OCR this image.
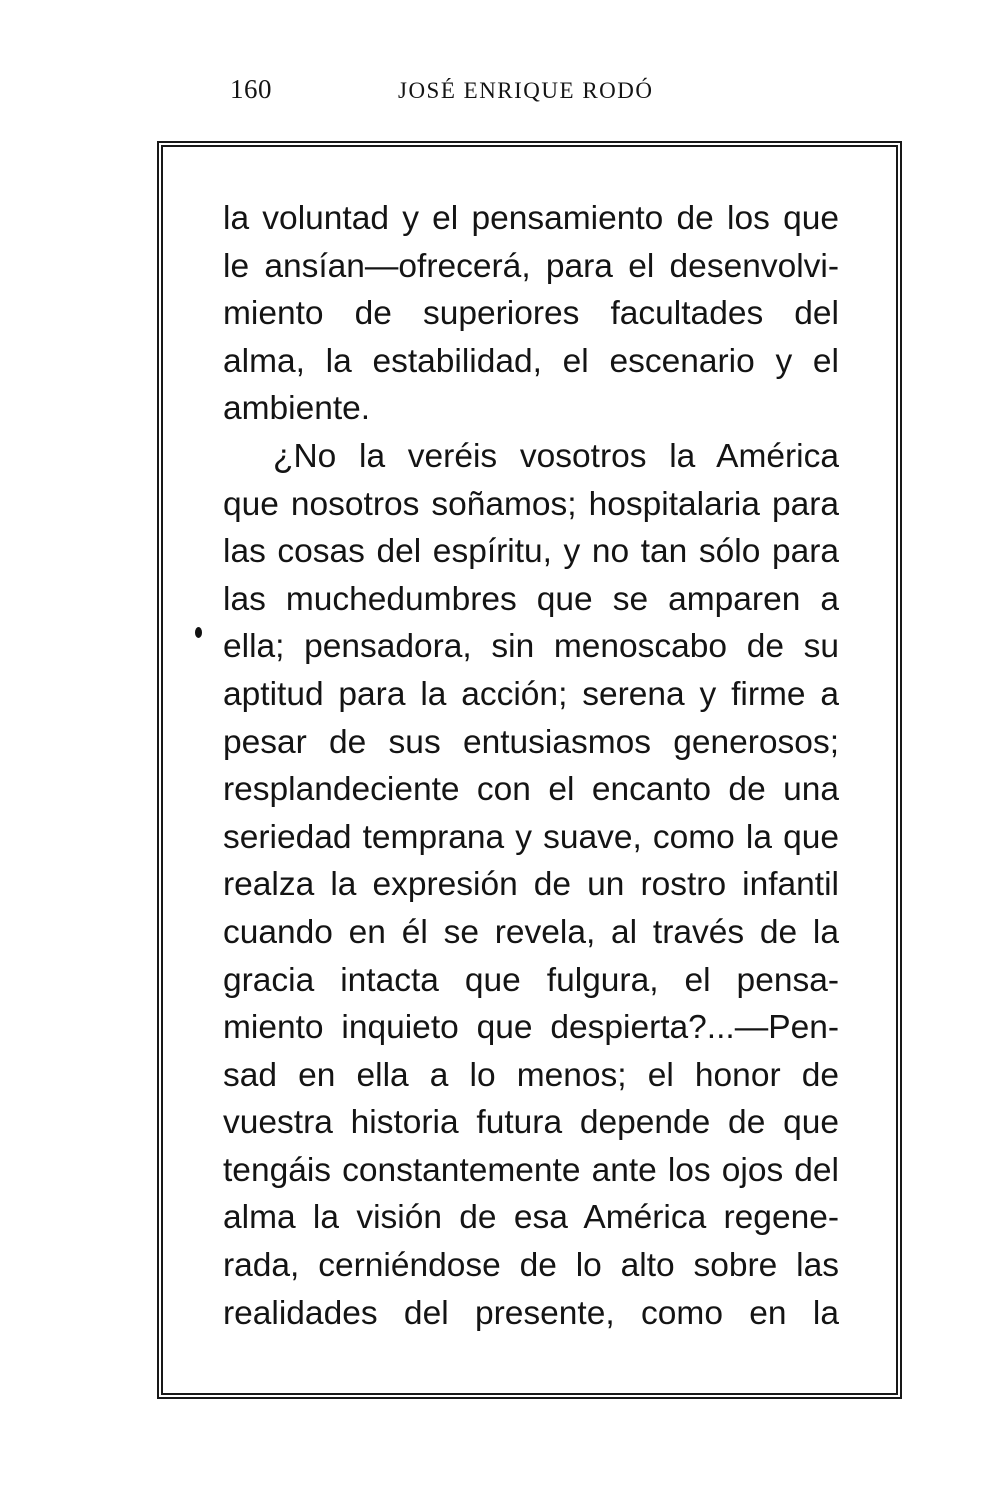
160	JOSÉ ENRIQUE RODÓ
la voluntad y el pensamiento de los que
le ansían—ofrecerá, para el desenvolvi-
miento de superiores facultades del
alma, la estabilidad, el escenario y el
ambiente.
¿No la veréis vosotros la América
que nosotros soñamos; hospitalaria para
las cosas del espíritu, y no tan sólo para
las muchedumbres que se amparen a
ella; pensadora, sin menoscabo de su
aptitud para la acción; serena y firme a
pesar de sus entusiasmos generosos;
resplandeciente con el encanto de una
seriedad temprana y suave, como la que
realza la expresión de un rostro infantil
cuando en él se revela, al través de la
gracia intacta que fulgura, el pensa-
miento inquieto que despierta?...—Pen-
sad en ella a lo menos; el honor de
vuestra historia futura depende de que
tengáis constantemente ante los ojos del
alma la visión de esa América regene-
rada, cerniéndose de lo alto sobre las
realidades del presente, como en la
